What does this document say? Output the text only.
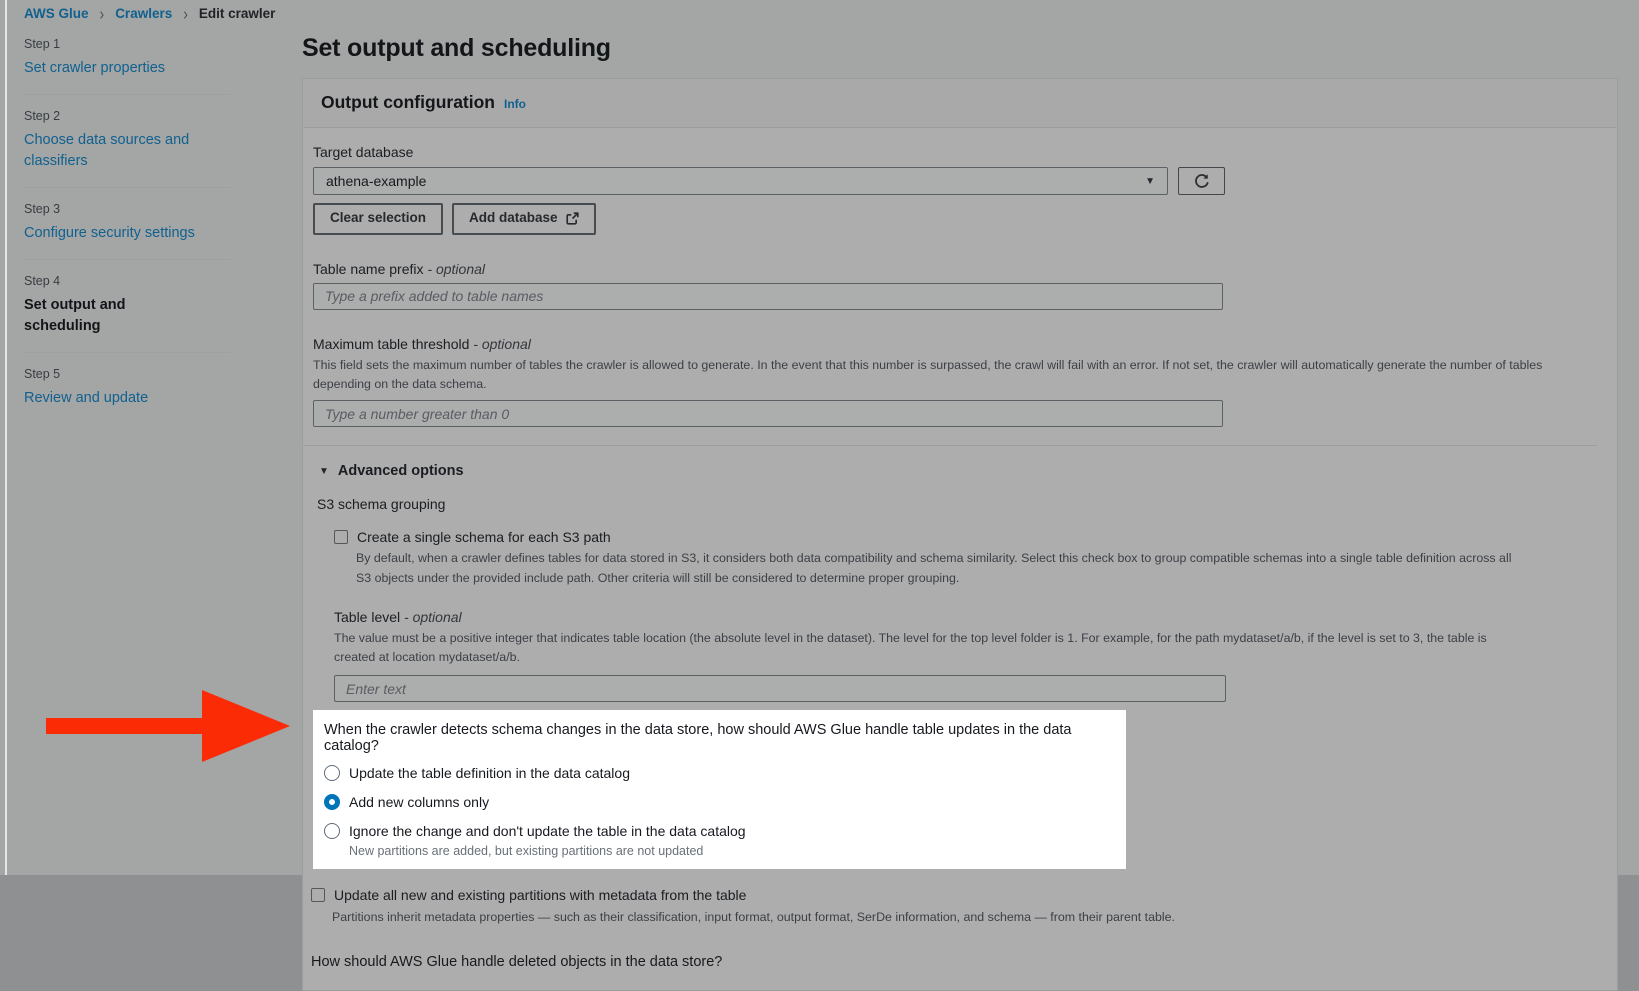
AWS Glue › Crawlers › Edit crawler
Step 1
Set crawler properties
Step 2
Choose data sources and classifiers
Step 3
Configure security settings
Step 4
Set output and scheduling
Step 5
Review and update
Set output and scheduling
Output configuration Info
Target database
athena-example	▼
Clear selection	Add database
Table name prefix - optional
Type a prefix added to table names
Maximum table threshold - optional
This field sets the maximum number of tables the crawler is allowed to generate. In the event that this number is surpassed, the crawl will fail with an error. If not set, the crawler will automatically generate the number of tables depending on the data schema.
Type a number greater than 0
▼ Advanced options
S3 schema grouping
Create a single schema for each S3 path
By default, when a crawler defines tables for data stored in S3, it considers both data compatibility and schema similarity. Select this check box to group compatible schemas into a single table definition across all S3 objects under the provided include path. Other criteria will still be considered to determine proper grouping.
Table level - optional
The value must be a positive integer that indicates table location (the absolute level in the dataset). The level for the top level folder is 1. For example, for the path mydataset/a/b, if the level is set to 3, the table is created at location mydataset/a/b.
Enter text
When the crawler detects schema changes in the data store, how should AWS Glue handle table updates in the data catalog?
Update the table definition in the data catalog
Add new columns only
Ignore the change and don't update the table in the data catalog
New partitions are added, but existing partitions are not updated
Update all new and existing partitions with metadata from the table
Partitions inherit metadata properties — such as their classification, input format, output format, SerDe information, and schema — from their parent table.
How should AWS Glue handle deleted objects in the data store?
